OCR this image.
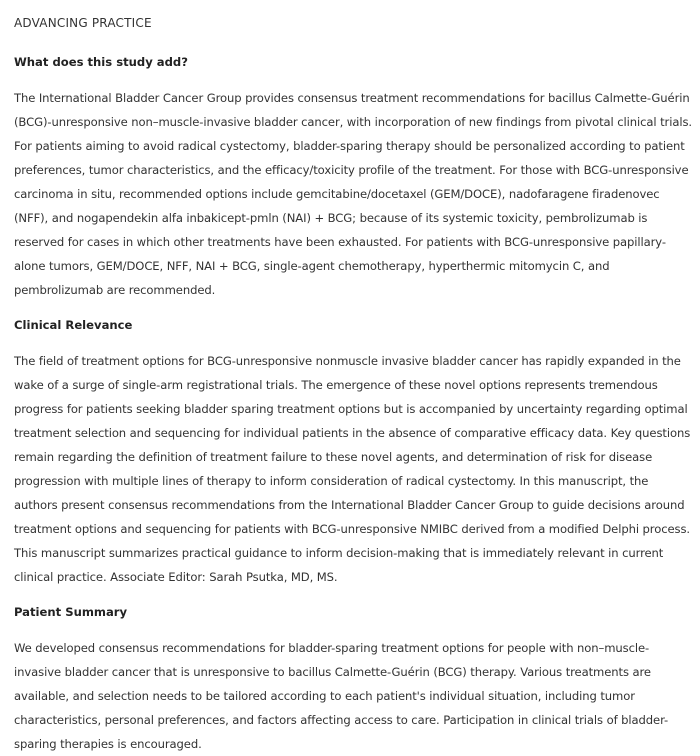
ADVANCING PRACTICE
What does this study add?
The International Bladder Cancer Group provides consensus treatment recommendations for bacillus Calmette-Guérin (BCG)-unresponsive non–muscle-invasive bladder cancer, with incorporation of new findings from pivotal clinical trials. For patients aiming to avoid radical cystectomy, bladder-sparing therapy should be personalized according to patient preferences, tumor characteristics, and the efficacy/toxicity profile of the treatment. For those with BCG-unresponsive carcinoma in situ, recommended options include gemcitabine/docetaxel (GEM/DOCE), nadofaragene firadenovec (NFF), and nogapendekin alfa inbakicept-pmln (NAI) + BCG; because of its systemic toxicity, pembrolizumab is reserved for cases in which other treatments have been exhausted. For patients with BCG-unresponsive papillary-alone tumors, GEM/DOCE, NFF, NAI + BCG, single-agent chemotherapy, hyperthermic mitomycin C, and pembrolizumab are recommended.
Clinical Relevance
The field of treatment options for BCG-unresponsive nonmuscle invasive bladder cancer has rapidly expanded in the wake of a surge of single-arm registrational trials. The emergence of these novel options represents tremendous progress for patients seeking bladder sparing treatment options but is accompanied by uncertainty regarding optimal treatment selection and sequencing for individual patients in the absence of comparative efficacy data. Key questions remain regarding the definition of treatment failure to these novel agents, and determination of risk for disease progression with multiple lines of therapy to inform consideration of radical cystectomy. In this manuscript, the authors present consensus recommendations from the International Bladder Cancer Group to guide decisions around treatment options and sequencing for patients with BCG-unresponsive NMIBC derived from a modified Delphi process. This manuscript summarizes practical guidance to inform decision-making that is immediately relevant in current clinical practice. Associate Editor: Sarah Psutka, MD, MS.
Patient Summary
We developed consensus recommendations for bladder-sparing treatment options for people with non–muscle-invasive bladder cancer that is unresponsive to bacillus Calmette-Guérin (BCG) therapy. Various treatments are available, and selection needs to be tailored according to each patient's individual situation, including tumor characteristics, personal preferences, and factors affecting access to care. Participation in clinical trials of bladder-sparing therapies is encouraged.
